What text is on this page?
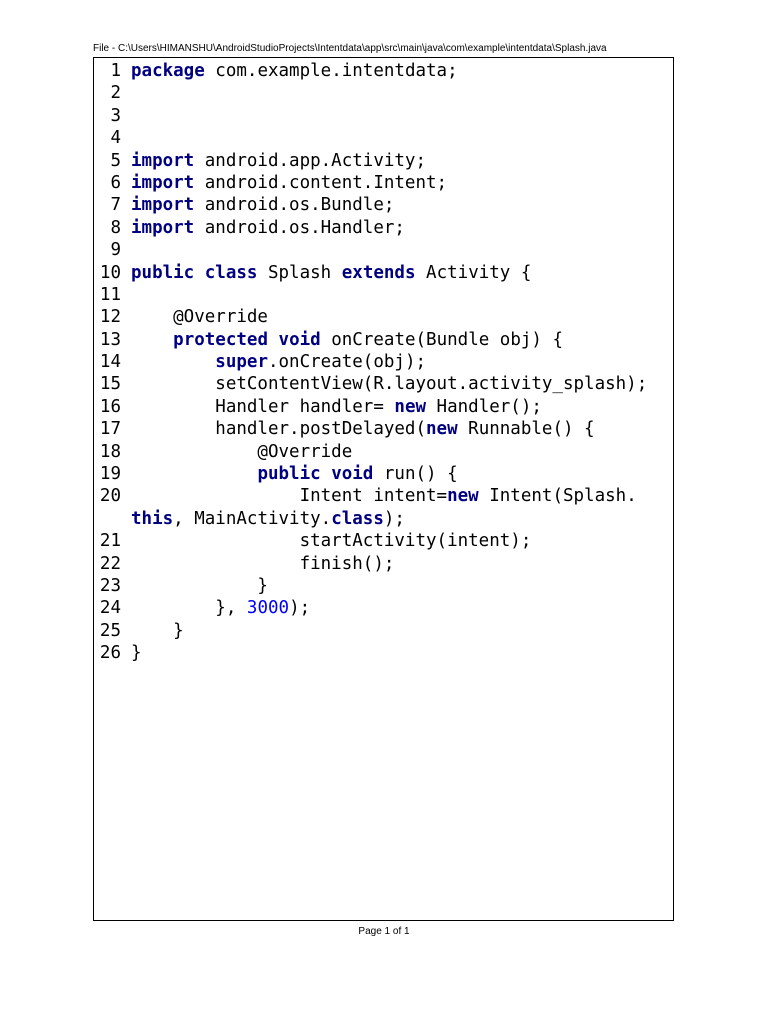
File - C:\Users\HIMANSHU\AndroidStudioProjects\Intentdata\app\src\main\java\com\example\intentdata\Splash.java
1 package com.example.intentdata;
2
3
4
5 import android.app.Activity;
6 import android.content.Intent;
7 import android.os.Bundle;
8 import android.os.Handler;
9
10 public class Splash extends Activity {
11
12    @Override
13	protected void onCreate(Bundle obj) {
14	super.onCreate(obj);
15        setContentView(R.layout.activity_splash);
16        Handler handler= new Handler();
17        handler.postDelayed(new Runnable() {
18            @Override
19	public void run() {
20                Intent intent=new Intent(Splash.
this, MainActivity.class);
21                startActivity(intent);
22                finish();
23            }
24        }, 3000);
25    }
26 }
Page 1 of 1
